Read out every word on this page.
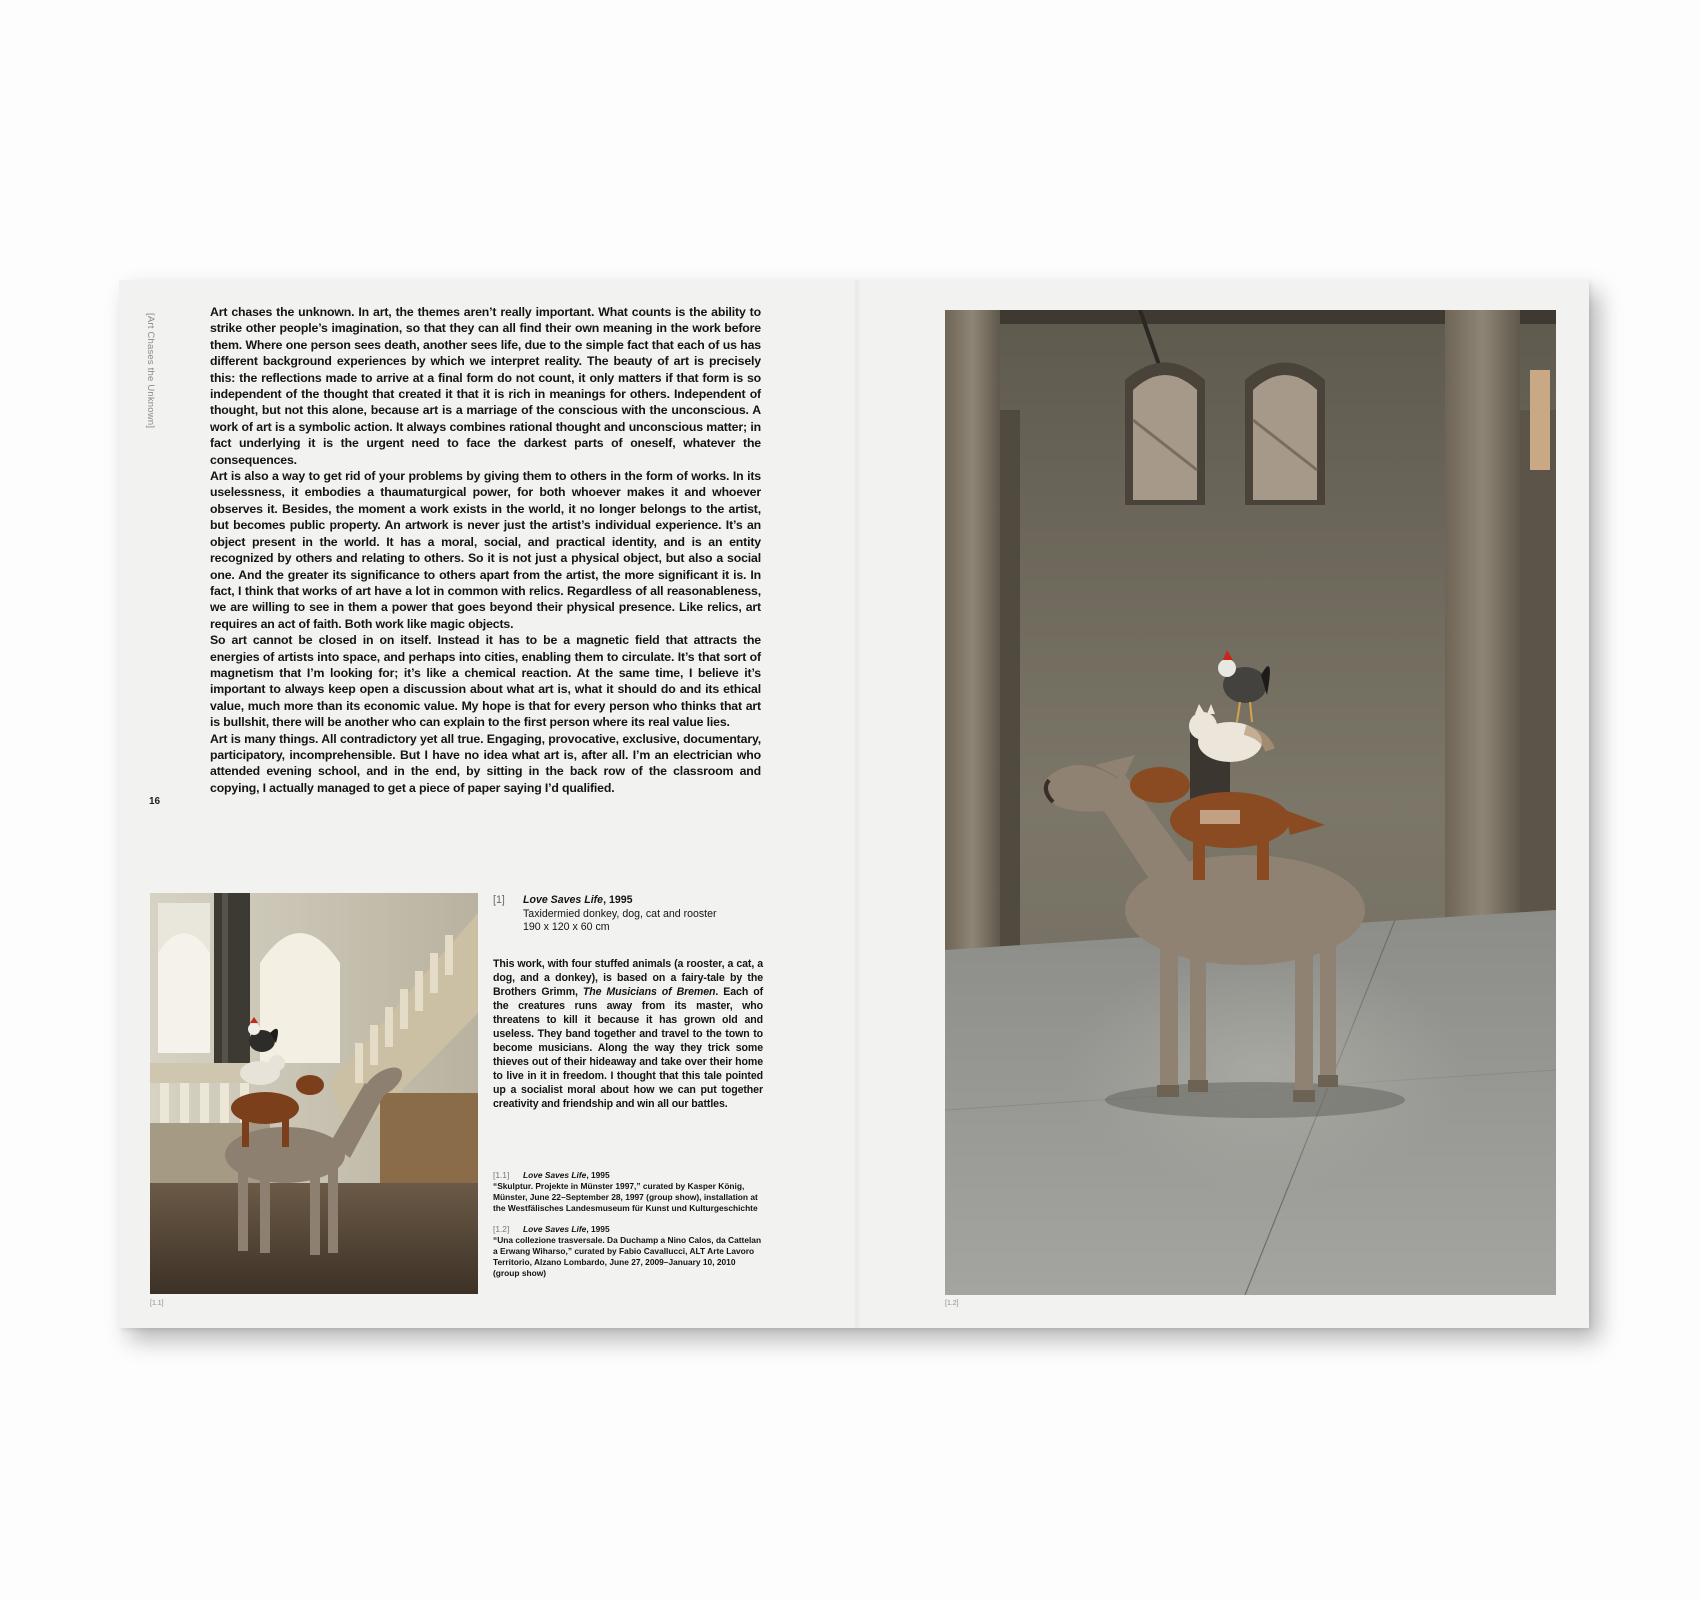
[Art Chases the Unknown]
16

Art chases the unknown. In art, the themes aren’t really important. What counts is the ability to strike other people’s imagination, so that they can all find their own meaning in the work before them. Where one person sees death, another sees life, due to the simple fact that each of us has different background experiences by which we interpret reality. The beauty of art is precisely this: the reflections made to arrive at a final form do not count, it only matters if that form is so independent of the thought that created it that it is rich in meanings for others. Independent of thought, but not this alone, because art is a marriage of the conscious with the unconscious. A work of art is a symbolic action. It always combines rational thought and unconscious matter; in fact underlying it is the urgent need to face the darkest parts of oneself, whatever the consequences.

Art is also a way to get rid of your problems by giving them to others in the form of works. In its uselessness, it embodies a thaumaturgical power, for both whoever makes it and whoever observes it. Besides, the moment a work exists in the world, it no longer belongs to the artist, but becomes public property. An artwork is never just the artist’s individual experience. It’s an object present in the world. It has a moral, social, and practical identity, and is an entity recognized by others and relating to others. So it is not just a physical object, but also a social one. And the greater its significance to others apart from the artist, the more significant it is. In fact, I think that works of art have a lot in common with relics. Regardless of all reasonableness, we are willing to see in them a power that goes beyond their physical presence. Like relics, art requires an act of faith. Both work like magic objects.

So art cannot be closed in on itself. Instead it has to be a magnetic field that attracts the energies of artists into space, and perhaps into cities, enabling them to circulate. It’s that sort of magnetism that I’m looking for; it’s like a chemical reaction. At the same time, I believe it’s important to always keep open a discussion about what art is, what it should do and its ethical value, much more than its economic value. My hope is that for every person who thinks that art is bullshit, there will be another who can explain to the first person where its real value lies.

Art is many things. All contradictory yet all true. Engaging, provocative, exclusive, documentary, participatory, incomprehensible. But I have no idea what art is, after all. I’m an electrician who attended evening school, and in the end, by sitting in the back row of the classroom and copying, I actually managed to get a piece of paper saying I’d qualified.

[1.1]
[1]	Love Saves Life, 1995
Taxidermied donkey, dog, cat and rooster
190 x 120 x 60 cm
This work, with four stuffed animals (a rooster, a cat, a dog, and a donkey), is based on a fairy-tale by the Brothers Grimm, The Musicians of Bremen. Each of the creatures runs away from its master, who threatens to kill it because it has grown old and useless. They band together and travel to the town to become musicians. Along the way they trick some thieves out of their hideaway and take over their home to live in it in freedom. I thought that this tale pointed up a socialist moral about how we can put together creativity and friendship and win all our battles.
[1.1]	Love Saves Life, 1995
“Skulptur. Projekte in Münster 1997,” curated by Kasper König, Münster, June 22–September 28, 1997 (group show), installation at the Westfälisches Landesmuseum für Kunst und Kulturgeschichte
[1.2]	Love Saves Life, 1995
“Una collezione trasversale. Da Duchamp a Nino Calos, da Cattelan a Erwang Wiharso,” curated by Fabio Cavallucci, ALT Arte Lavoro Territorio, Alzano Lombardo, June 27, 2009–January 10, 2010 (group show)
[1.2]
